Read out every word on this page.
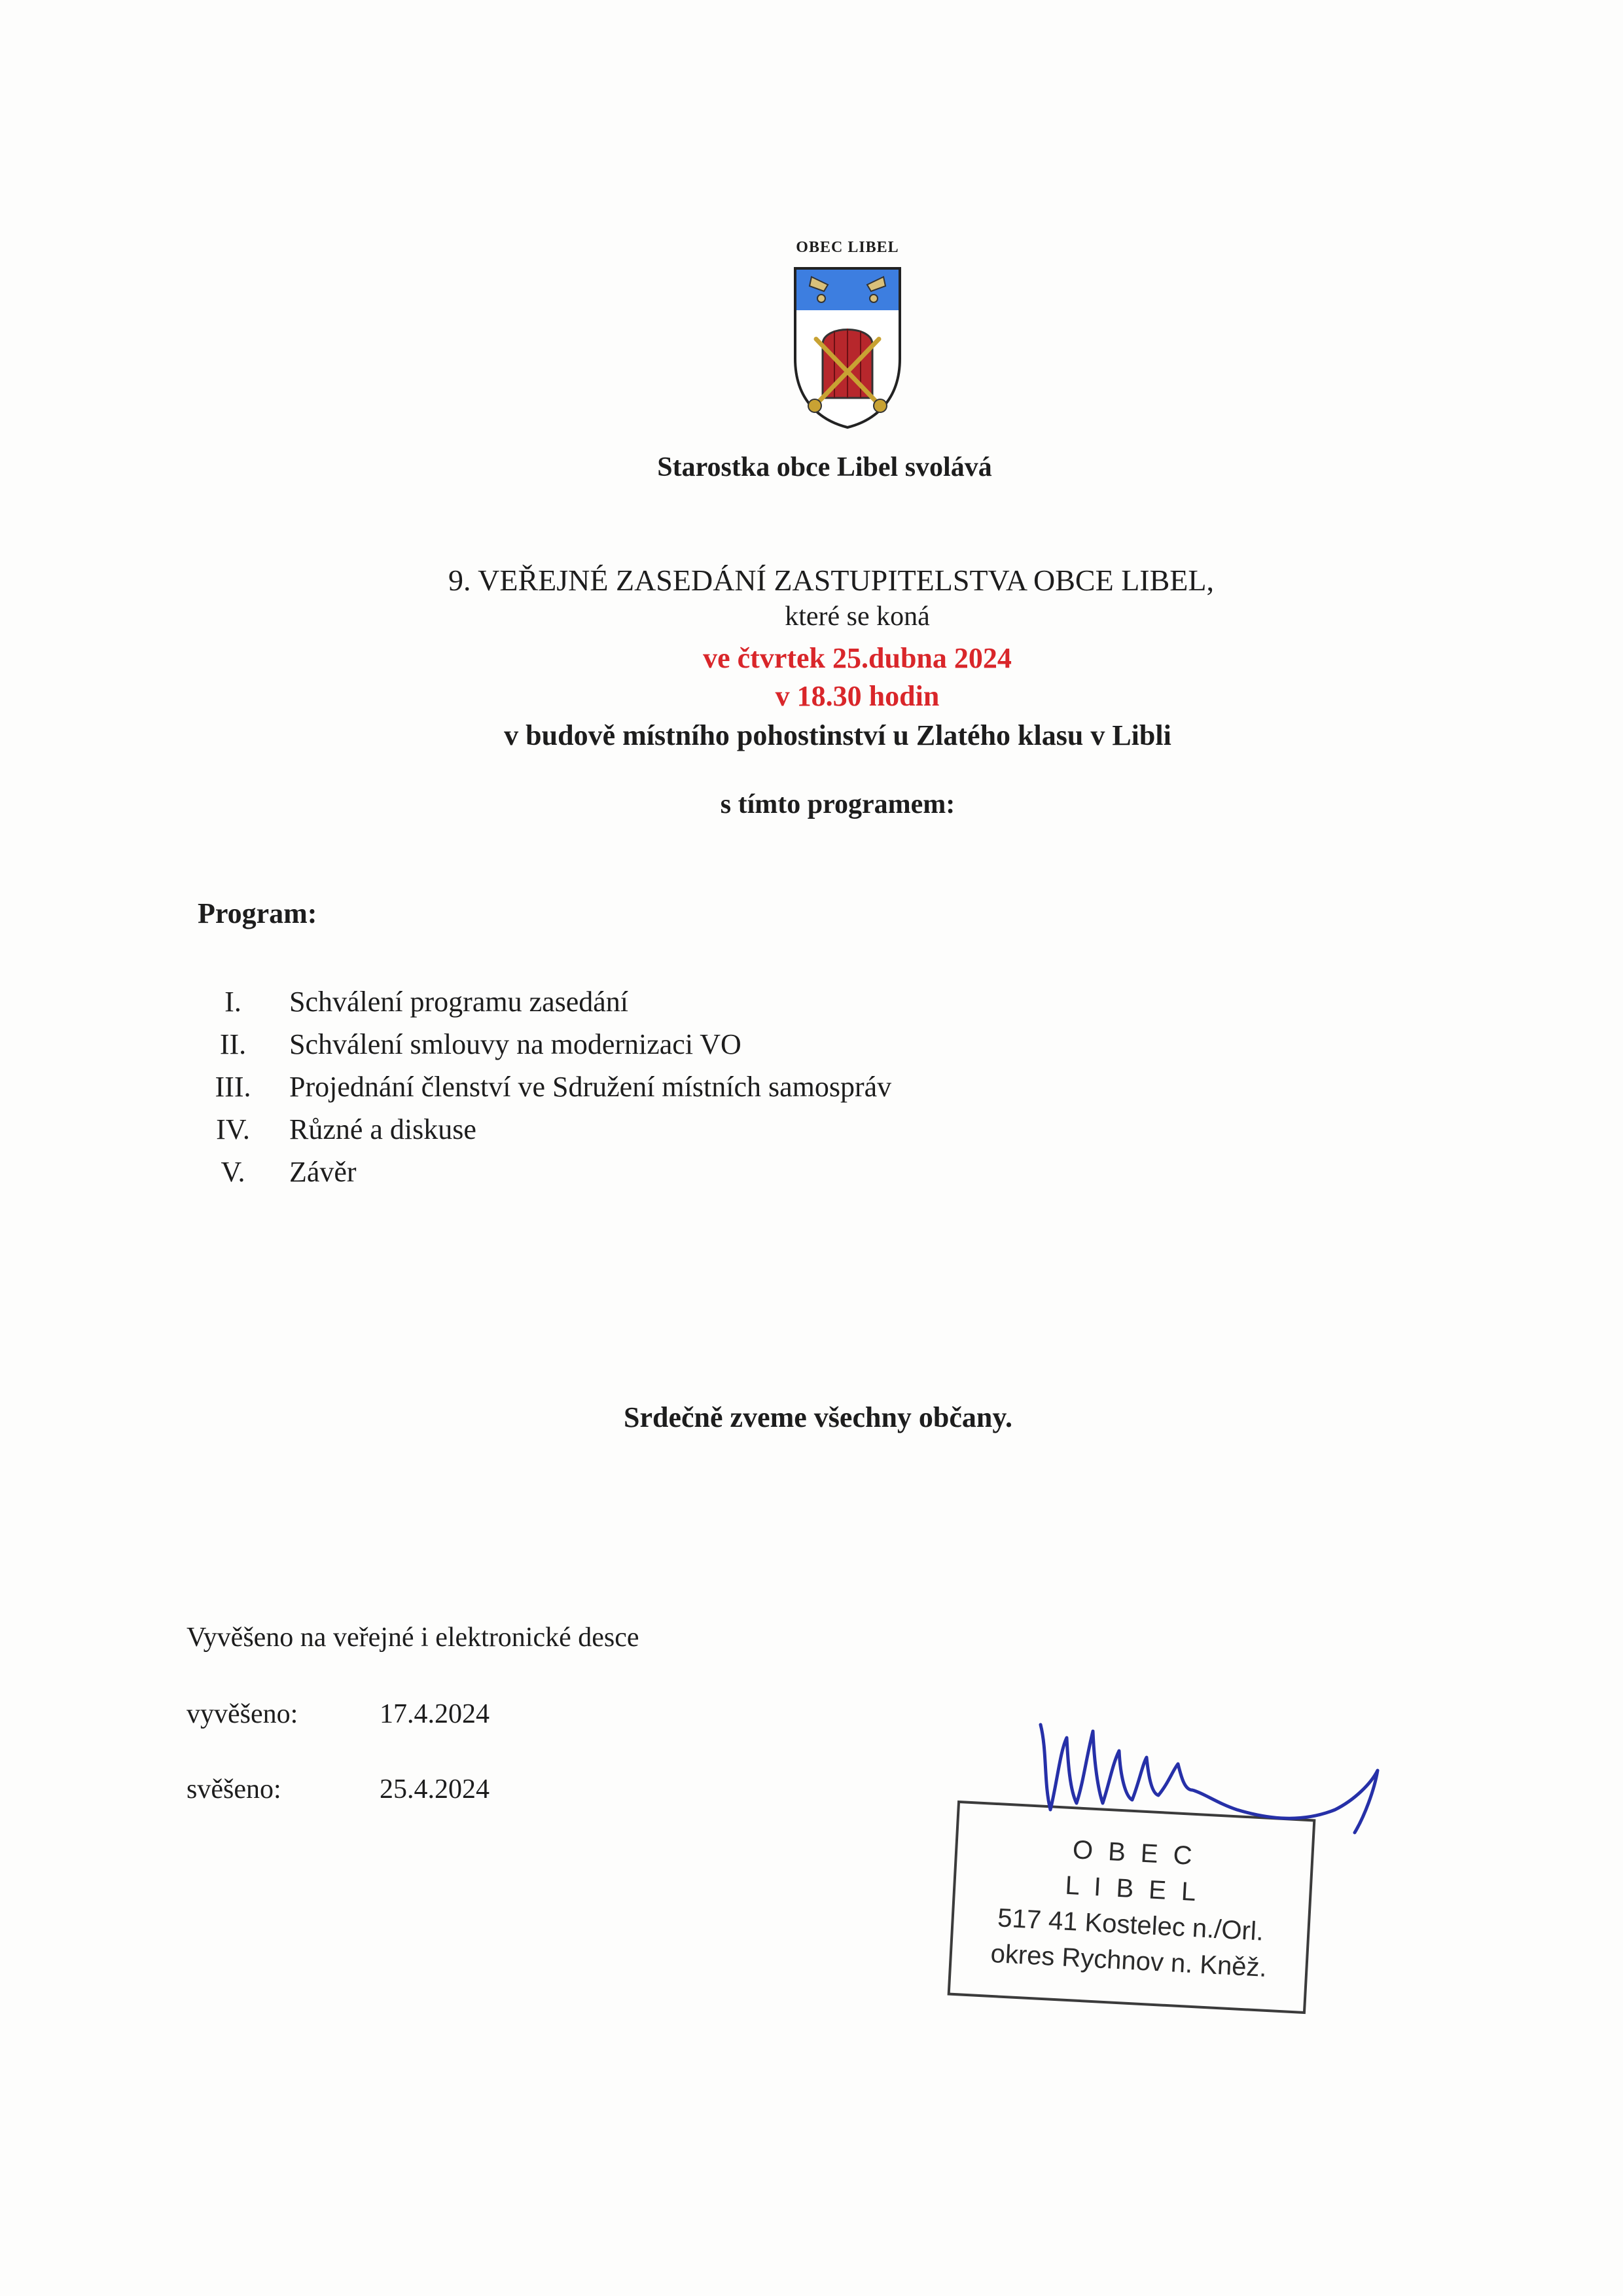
OBEC LIBEL
Starostka obce Libel svolává
9. VEŘEJNÉ ZASEDÁNÍ ZASTUPITELSTVA OBCE LIBEL,
které se koná
ve čtvrtek 25.dubna 2024
v 18.30 hodin
v budově místního pohostinství u Zlatého klasu v Libli
s tímto programem:
Program:
I.	Schválení programu zasedání
II.	Schválení smlouvy na modernizaci VO
III.	Projednání členství ve Sdružení místních samospráv
IV.	Různé a diskuse
V.	Závěr
Srdečně zveme všechny občany.
Vyvěšeno na veřejné i elektronické desce
vyvěšeno:	17.4.2024
svěšeno:	25.4.2024
O B E C
L I B E L
517 41 Kostelec n./Orl.
okres Rychnov n. Kněž.
